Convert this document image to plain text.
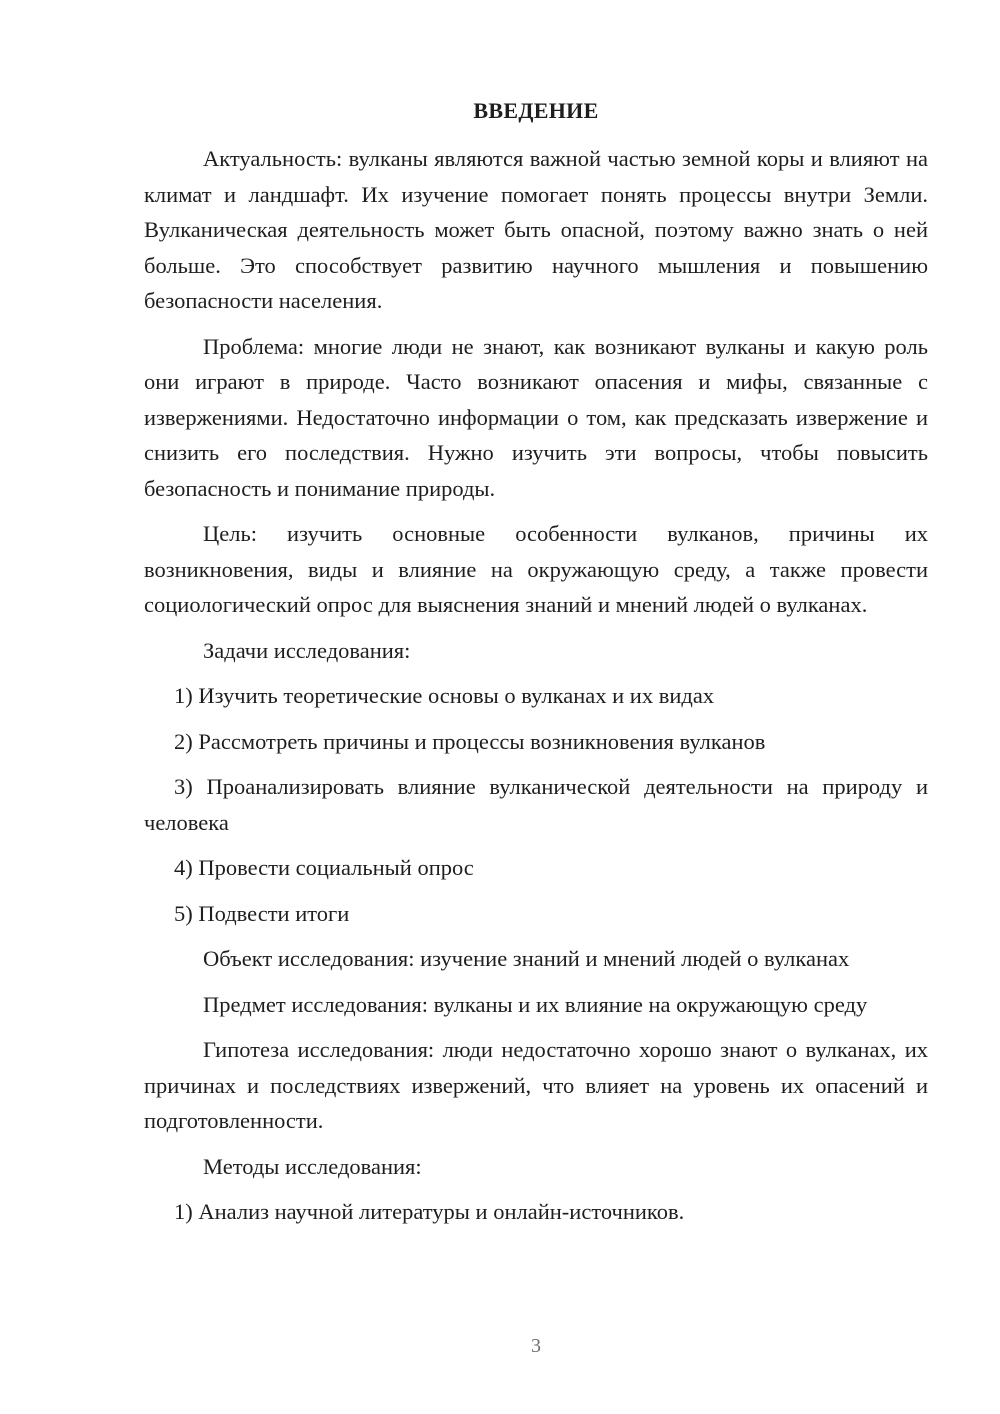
ВВЕДЕНИЕ

Актуальность: вулканы являются важной частью земной коры и влияют на климат и ландшафт. Их изучение помогает понять процессы внутри Земли. Вулканическая деятельность может быть опасной, поэтому важно знать о ней больше. Это способствует развитию научного мышления и повышению безопасности населения.

Проблема: многие люди не знают, как возникают вулканы и какую роль они играют в природе. Часто возникают опасения и мифы, связанные с извержениями. Недостаточно информации о том, как предсказать извержение и снизить его последствия. Нужно изучить эти вопросы, чтобы повысить безопасность и понимание природы.

Цель: изучить основные особенности вулканов, причины их возникновения, виды и влияние на окружающую среду, а также провести социологический опрос для выяснения знаний и мнений людей о вулканах.

Задачи исследования:

1) Изучить теоретические основы о вулканах и их видах

2) Рассмотреть причины и процессы возникновения вулканов

3) Проанализировать влияние вулканической деятельности на природу и человека

4) Провести социальный опрос

5) Подвести итоги

Объект исследования: изучение знаний и мнений людей о вулканах

Предмет исследования: вулканы и их влияние на окружающую среду

Гипотеза исследования: люди недостаточно хорошо знают о вулканах, их причинах и последствиях извержений, что влияет на уровень их опасений и подготовленности.

Методы исследования:

1) Анализ научной литературы и онлайн-источников.

3
